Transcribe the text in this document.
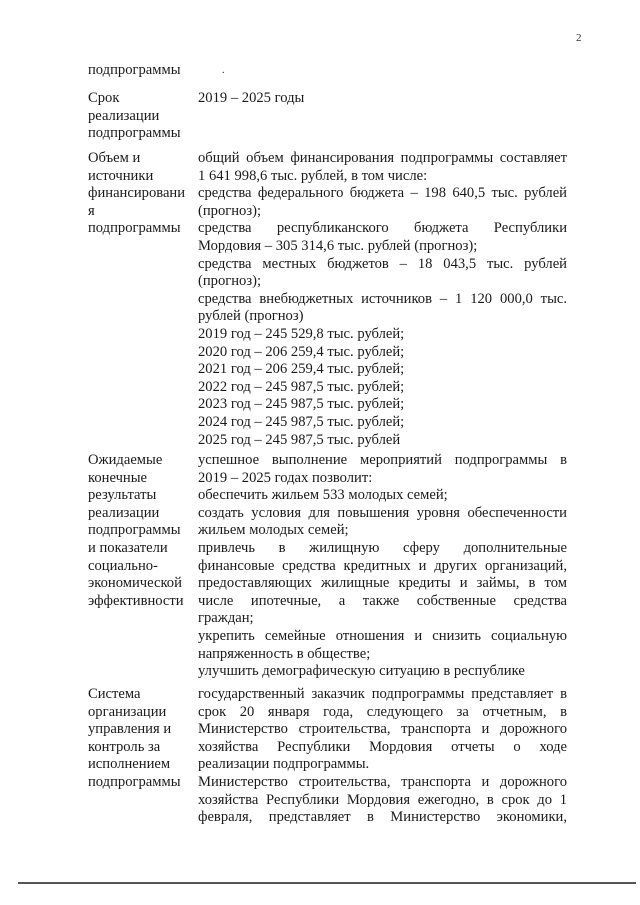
2
.
подпрограммы
Срок
реализации
подпрограммы
2019 – 2025 годы
Объем и
источники
финансировани
я
подпрограммы
общий объем финансирования подпрограммы составляет
1 641 998,6 тыс. рублей, в том числе:
средства федерального бюджета – 198 640,5 тыс. рублей
(прогноз);
средства республиканского бюджета Республики
Мордовия – 305 314,6 тыс. рублей (прогноз);
средства местных бюджетов – 18 043,5 тыс. рублей
(прогноз);
средства внебюджетных источников – 1 120 000,0 тыс.
рублей (прогноз)
2019 год – 245 529,8 тыс. рублей;
2020 год – 206 259,4 тыс. рублей;
2021 год – 206 259,4 тыс. рублей;
2022 год – 245 987,5 тыс. рублей;
2023 год – 245 987,5 тыс. рублей;
2024 год – 245 987,5 тыс. рублей;
2025 год – 245 987,5 тыс. рублей
Ожидаемые
конечные
результаты
реализации
подпрограммы
и показатели
социально-
экономической
эффективности
успешное выполнение мероприятий подпрограммы в
2019 – 2025 годах позволит:
обеспечить жильем 533 молодых семей;
создать условия для повышения уровня обеспеченности
жильем молодых семей;
привлечь в жилищную сферу дополнительные
финансовые средства кредитных и других организаций,
предоставляющих жилищные кредиты и займы, в том
числе ипотечные, а также собственные средства
граждан;
укрепить семейные отношения и снизить социальную
напряженность в обществе;
улучшить демографическую ситуацию в республике
Система
организации
управления и
контроль за
исполнением
подпрограммы
государственный заказчик подпрограммы представляет в
срок 20 января года, следующего за отчетным, в
Министерство строительства, транспорта и дорожного
хозяйства Республики Мордовия отчеты о ходе
реализации подпрограммы.
Министерство строительства, транспорта и дорожного
хозяйства Республики Мордовия ежегодно, в срок до 1
февраля, представляет в Министерство экономики,
